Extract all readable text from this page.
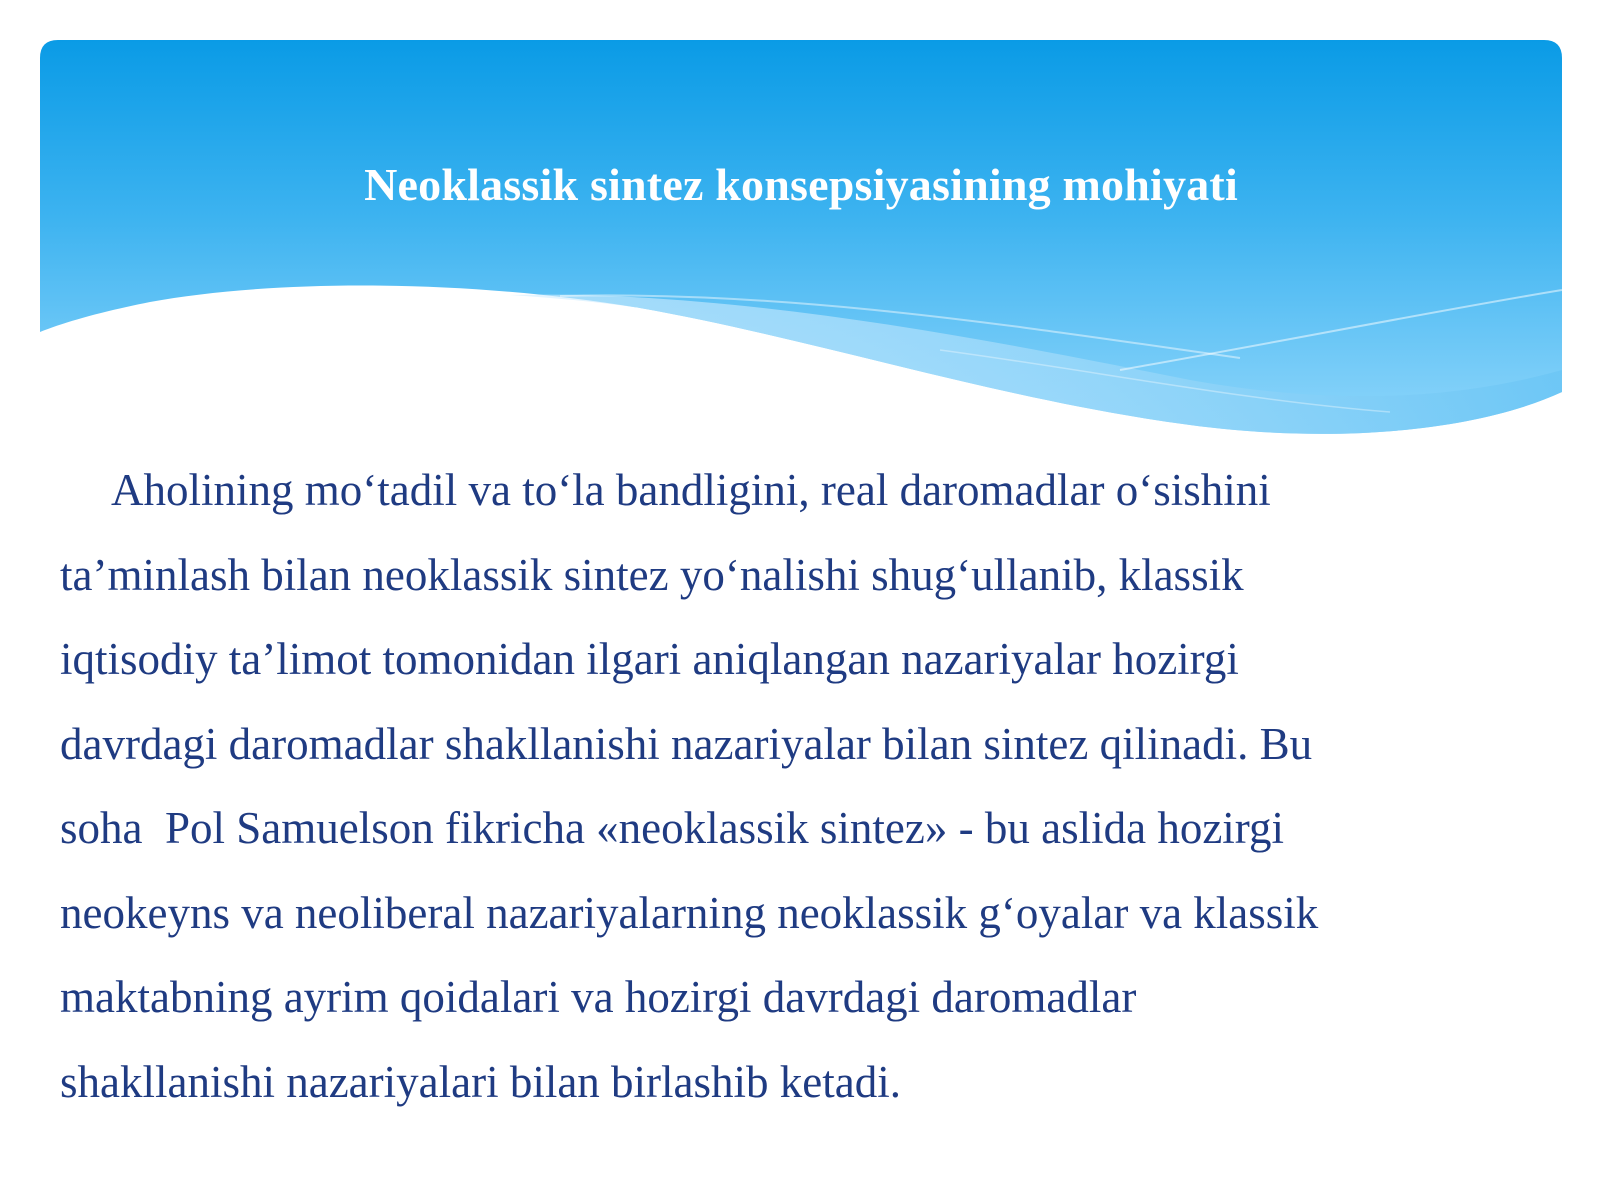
Neoklassik sintez konsepsiyasining mohiyati

Aholining mo‘tadil va to‘la bandligini, real daromadlar o‘sishini
ta’minlash bilan neoklassik sintez yo‘nalishi shug‘ullanib, klassik
iqtisodiy ta’limot tomonidan ilgari aniqlangan nazariyalar hozirgi
davrdagi daromadlar shakllanishi nazariyalar bilan sintez qilinadi. Bu
soha  Pol Samuelson fikricha «neoklassik sintez» - bu aslida hozirgi
neokeyns va neoliberal nazariyalarning neoklassik g‘oyalar va klassik
maktabning ayrim qoidalari va hozirgi davrdagi daromadlar
shakllanishi nazariyalari bilan birlashib ketadi.
